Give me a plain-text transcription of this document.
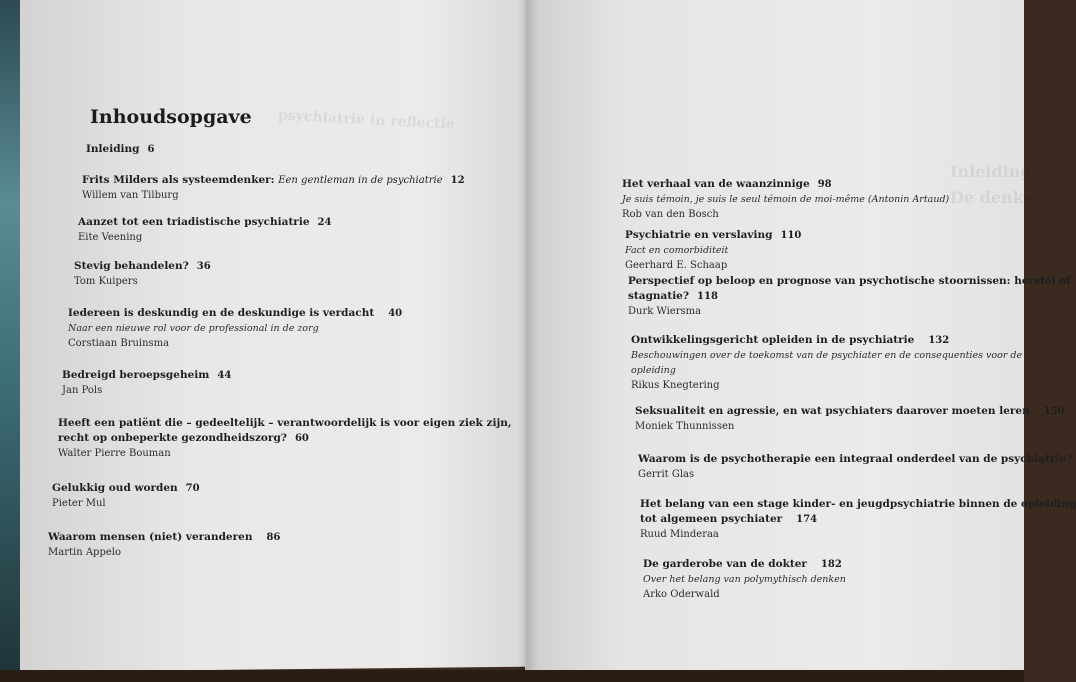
psychiatrie in reflectie
Inleiding
De denkw
Inhoudsopgave
Inleiding 6
Frits Milders als systeemdenker: Een gentleman in de psychiatrie 12
Willem van Tilburg
Aanzet tot een triadistische psychiatrie 24
Eite Veening
Stevig behandelen? 36
Tom Kuipers
Iedereen is deskundig en de deskundige is verdacht 40
Naar een nieuwe rol voor de professional in de zorg
Corstiaan Bruinsma
Bedreigd beroepsgeheim 44
Jan Pols
Heeft een patiënt die – gedeeltelijk – verantwoordelijk is voor eigen ziek zijn,
recht op onbeperkte gezondheidszorg? 60
Walter Pierre Bouman
Gelukkig oud worden 70
Pieter Mul
Waarom mensen (niet) veranderen 86
Martin Appelo
Het verhaal van de waanzinnige 98
Je suis témoin, je suis le seul témoin de moi-même (Antonin Artaud)
Rob van den Bosch
Psychiatrie en verslaving 110
Fact en comorbiditeit
Geerhard E. Schaap
Perspectief op beloop en prognose van psychotische stoornissen: herstel of
stagnatie? 118
Durk Wiersma
Ontwikkelingsgericht opleiden in de psychiatrie 132
Beschouwingen over de toekomst van de psychiater en de consequenties voor de
opleiding
Rikus Knegtering
Seksualiteit en agressie, en wat psychiaters daarover moeten leren 150
Moniek Thunnissen
Waarom is de psychotherapie een integraal onderdeel van de psychiatrie?
Gerrit Glas
Het belang van een stage kinder- en jeugdpsychiatrie binnen de opleiding
tot algemeen psychiater 174
Ruud Minderaa
De garderobe van de dokter 182
Over het belang van polymythisch denken
Arko Oderwald
